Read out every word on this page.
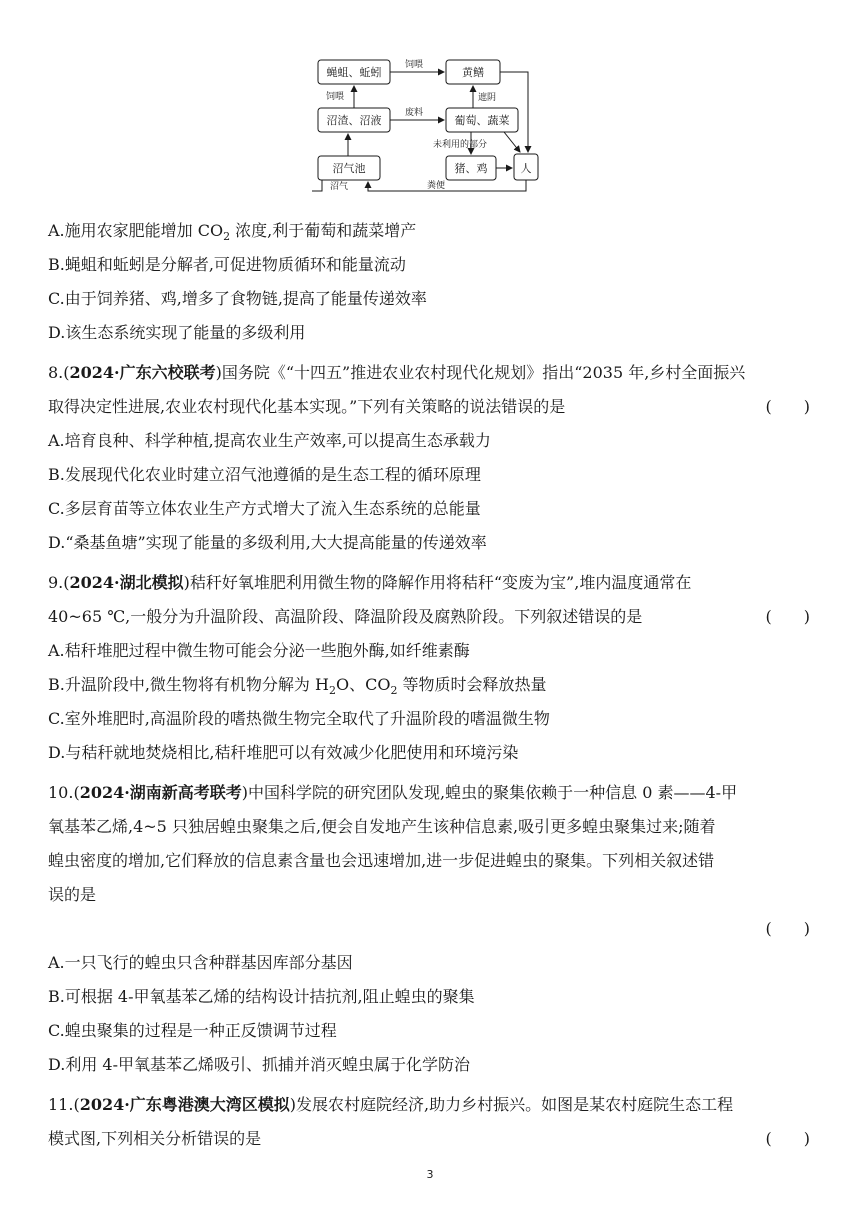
蝇蛆、蚯蚓	黄鳝
沼渣、沼液	葡萄、蔬菜
沼气池	猪、鸡	人
饲喂
饲喂
废料
遮阴
未利用的部分
粪便
沼气
A.施用农家肥能增加 $CO_2$ 浓度,利于葡萄和蔬菜增产
B.蝇蛆和蚯蚓是分解者,可促进物质循环和能量流动
C.由于饲养猪、鸡,增多了食物链,提高了能量传递效率
D.该生态系统实现了能量的多级利用
8.(2024·广东六校联考)国务院《“十四五”推进农业农村现代化规划》指出“2035 年,乡村全面振兴
取得决定性进展,农业农村现代化基本实现。”下列有关策略的说法错误的是	(　　)
A.培育良种、科学种植,提高农业生产效率,可以提高生态承载力
B.发展现代化农业时建立沼气池遵循的是生态工程的循环原理
C.多层育苗等立体农业生产方式增大了流入生态系统的总能量
D.“桑基鱼塘”实现了能量的多级利用,大大提高能量的传递效率
9.(2024·湖北模拟)秸秆好氧堆肥利用微生物的降解作用将秸秆“变废为宝”,堆内温度通常在
40~65 ℃,一般分为升温阶段、高温阶段、降温阶段及腐熟阶段。下列叙述错误的是	(　　)
A.秸秆堆肥过程中微生物可能会分泌一些胞外酶,如纤维素酶
B.升温阶段中,微生物将有机物分解为 $H_2O$、$CO_2$ 等物质时会释放热量
C.室外堆肥时,高温阶段的嗜热微生物完全取代了升温阶段的嗜温微生物
D.与秸秆就地焚烧相比,秸秆堆肥可以有效减少化肥使用和环境污染
10.(2024·湖南新高考联考)中国科学院的研究团队发现,蝗虫的聚集依赖于一种信息 0 素——4-甲
氧基苯乙烯,4~5 只独居蝗虫聚集之后,便会自发地产生该种信息素,吸引更多蝗虫聚集过来;随着
蝗虫密度的增加,它们释放的信息素含量也会迅速增加,进一步促进蝗虫的聚集。下列相关叙述错
误的是
(　　)
A.一只飞行的蝗虫只含种群基因库部分基因
B.可根据 4-甲氧基苯乙烯的结构设计拮抗剂,阻止蝗虫的聚集
C.蝗虫聚集的过程是一种正反馈调节过程
D.利用 4-甲氧基苯乙烯吸引、抓捕并消灭蝗虫属于化学防治
11.(2024·广东粤港澳大湾区模拟)发展农村庭院经济,助力乡村振兴。如图是某农村庭院生态工程
模式图,下列相关分析错误的是	(　　)
3
